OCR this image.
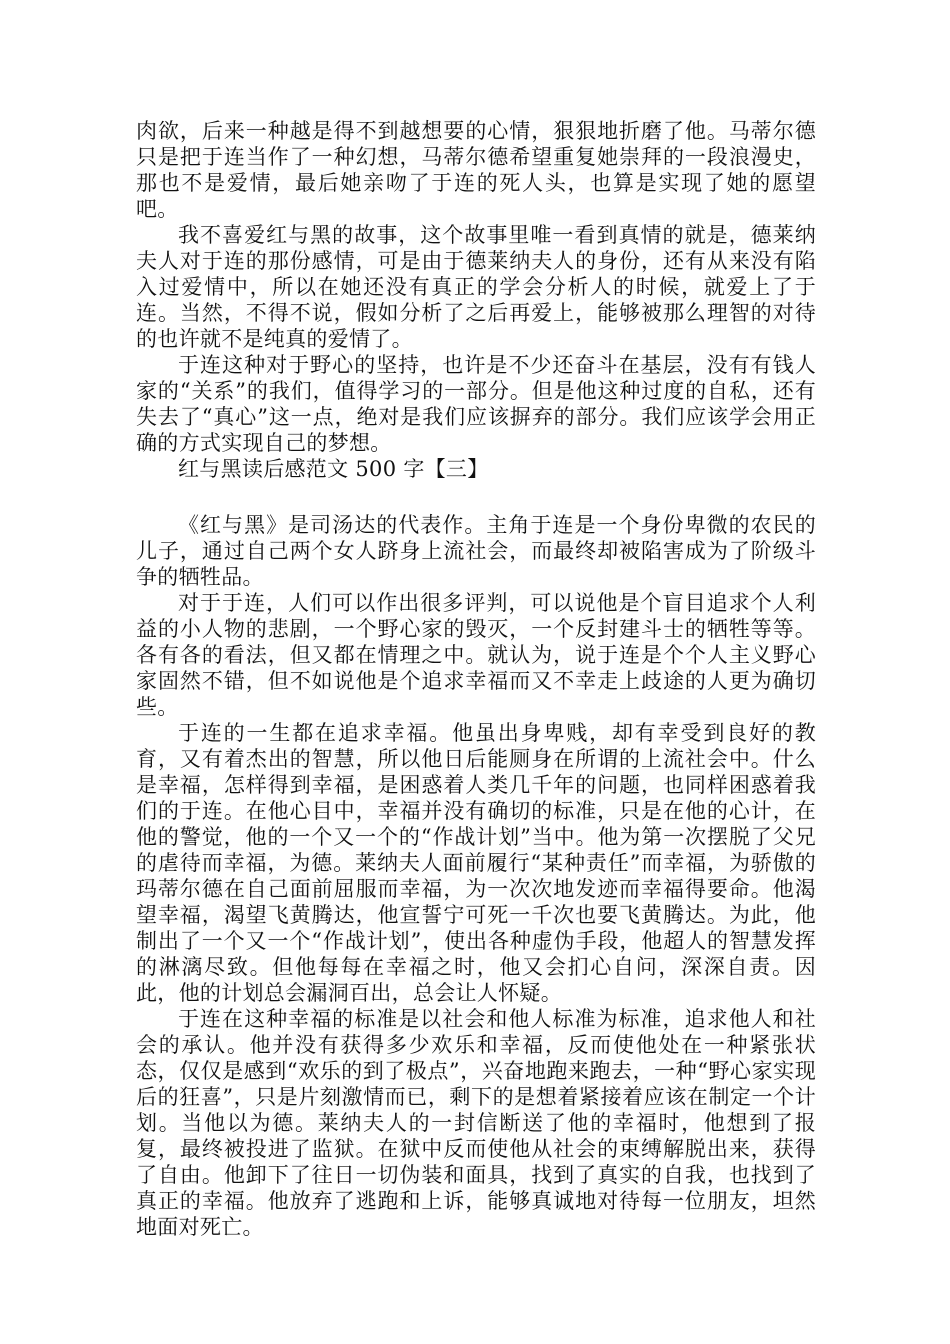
肉欲，后来一种越是得不到越想要的心情，狠狠地折磨了他。马蒂尔德只是把于连当作了一种幻想，马蒂尔德希望重复她崇拜的一段浪漫史，那也不是爱情，最后她亲吻了于连的死人头，也算是实现了她的愿望吧。

我不喜爱红与黑的故事，这个故事里唯一看到真情的就是，德莱纳夫人对于连的那份感情，可是由于德莱纳夫人的身份，还有从来没有陷入过爱情中，所以在她还没有真正的学会分析人的时候，就爱上了于连。当然，不得不说，假如分析了之后再爱上，能够被那么理智的对待的也许就不是纯真的爱情了。

于连这种对于野心的坚持，也许是不少还奋斗在基层，没有有钱人家的“关系”的我们，值得学习的一部分。但是他这种过度的自私，还有失去了“真心”这一点，绝对是我们应该摒弃的部分。我们应该学会用正确的方式实现自己的梦想。

红与黑读后感范文 500 字【三】

《红与黑》是司汤达的代表作。主角于连是一个身份卑微的农民的儿子，通过自己两个女人跻身上流社会，而最终却被陷害成为了阶级斗争的牺牲品。

对于于连，人们可以作出很多评判，可以说他是个盲目追求个人利益的小人物的悲剧，一个野心家的毁灭，一个反封建斗士的牺牲等等。各有各的看法，但又都在情理之中。就认为，说于连是个个人主义野心家固然不错，但不如说他是个追求幸福而又不幸走上歧途的人更为确切些。

于连的一生都在追求幸福。他虽出身卑贱，却有幸受到良好的教育，又有着杰出的智慧，所以他日后能厕身在所谓的上流社会中。什么是幸福，怎样得到幸福，是困惑着人类几千年的问题，也同样困惑着我们的于连。在他心目中，幸福并没有确切的标准，只是在他的心计，在他的警觉，他的一个又一个的“作战计划”当中。他为第一次摆脱了父兄的虐待而幸福，为德。莱纳夫人面前履行“某种责任”而幸福，为骄傲的玛蒂尔德在自己面前屈服而幸福，为一次次地发迹而幸福得要命。他渴望幸福，渴望飞黄腾达，他宣誓宁可死一千次也要飞黄腾达。为此，他制出了一个又一个“作战计划”，使出各种虚伪手段，他超人的智慧发挥的淋漓尽致。但他每每在幸福之时，他又会扪心自问，深深自责。因此，他的计划总会漏洞百出，总会让人怀疑。

于连在这种幸福的标准是以社会和他人标准为标准，追求他人和社会的承认。他并没有获得多少欢乐和幸福，反而使他处在一种紧张状态，仅仅是感到“欢乐的到了极点”，兴奋地跑来跑去，一种“野心家实现后的狂喜”，只是片刻激情而已，剩下的是想着紧接着应该在制定一个计划。当他以为德。莱纳夫人的一封信断送了他的幸福时，他想到了报复，最终被投进了监狱。在狱中反而使他从社会的束缚解脱出来，获得了自由。他卸下了往日一切伪装和面具，找到了真实的自我，也找到了真正的幸福。他放弃了逃跑和上诉，能够真诚地对待每一位朋友，坦然地面对死亡。
